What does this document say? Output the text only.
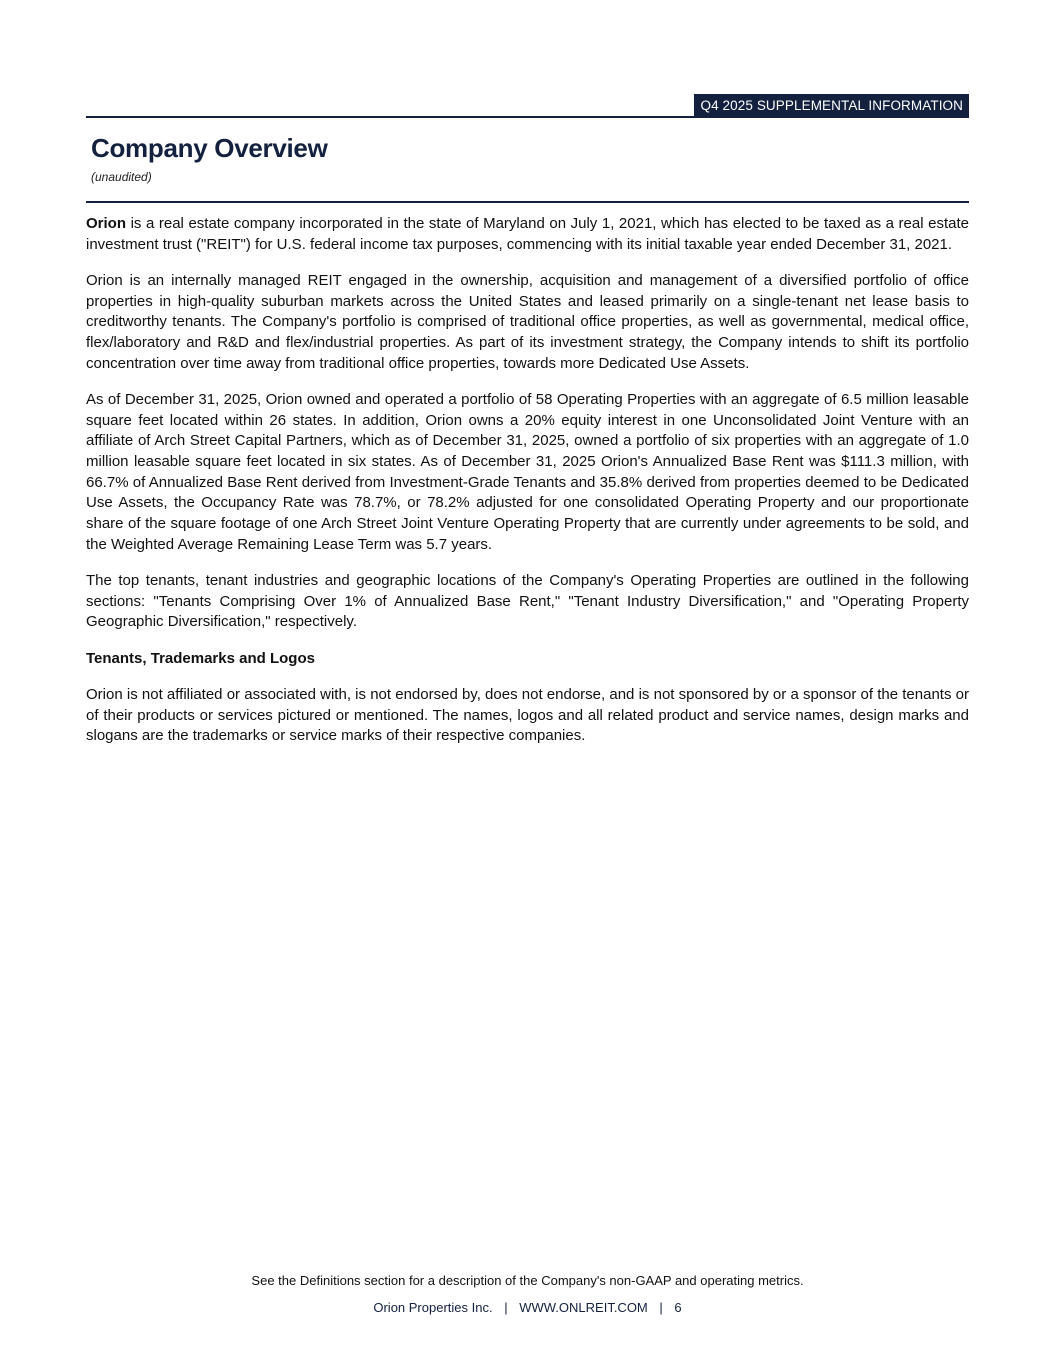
Q4 2025 SUPPLEMENTAL INFORMATION
Company Overview
(unaudited)

Orion is a real estate company incorporated in the state of Maryland on July 1, 2021, which has elected to be taxed as a real estate investment trust ("REIT") for U.S. federal income tax purposes, commencing with its initial taxable year ended December 31, 2021.

Orion is an internally managed REIT engaged in the ownership, acquisition and management of a diversified portfolio of office properties in high-quality suburban markets across the United States and leased primarily on a single-tenant net lease basis to creditworthy tenants. The Company's portfolio is comprised of traditional office properties, as well as governmental, medical office, flex/laboratory and R&D and flex/industrial properties. As part of its investment strategy, the Company intends to shift its portfolio concentration over time away from traditional office properties, towards more Dedicated Use Assets.

As of December 31, 2025, Orion owned and operated a portfolio of 58 Operating Properties with an aggregate of 6.5 million leasable square feet located within 26 states. In addition, Orion owns a 20% equity interest in one Unconsolidated Joint Venture with an affiliate of Arch Street Capital Partners, which as of December 31, 2025, owned a portfolio of six properties with an aggregate of 1.0 million leasable square feet located in six states. As of December 31, 2025 Orion's Annualized Base Rent was $111.3 million, with 66.7% of Annualized Base Rent derived from Investment-Grade Tenants and 35.8% derived from properties deemed to be Dedicated Use Assets, the Occupancy Rate was 78.7%, or 78.2% adjusted for one consolidated Operating Property and our proportionate share of the square footage of one Arch Street Joint Venture Operating Property that are currently under agreements to be sold, and the Weighted Average Remaining Lease Term was 5.7 years.

The top tenants, tenant industries and geographic locations of the Company's Operating Properties are outlined in the following sections: "Tenants Comprising Over 1% of Annualized Base Rent," "Tenant Industry Diversification," and "Operating Property Geographic Diversification," respectively.

Tenants, Trademarks and Logos

Orion is not affiliated or associated with, is not endorsed by, does not endorse, and is not sponsored by or a sponsor of the tenants or of their products or services pictured or mentioned. The names, logos and all related product and service names, design marks and slogans are the trademarks or service marks of their respective companies.

See the Definitions section for a description of the Company's non-GAAP and operating metrics.
Orion Properties Inc. | WWW.ONLREIT.COM | 6
